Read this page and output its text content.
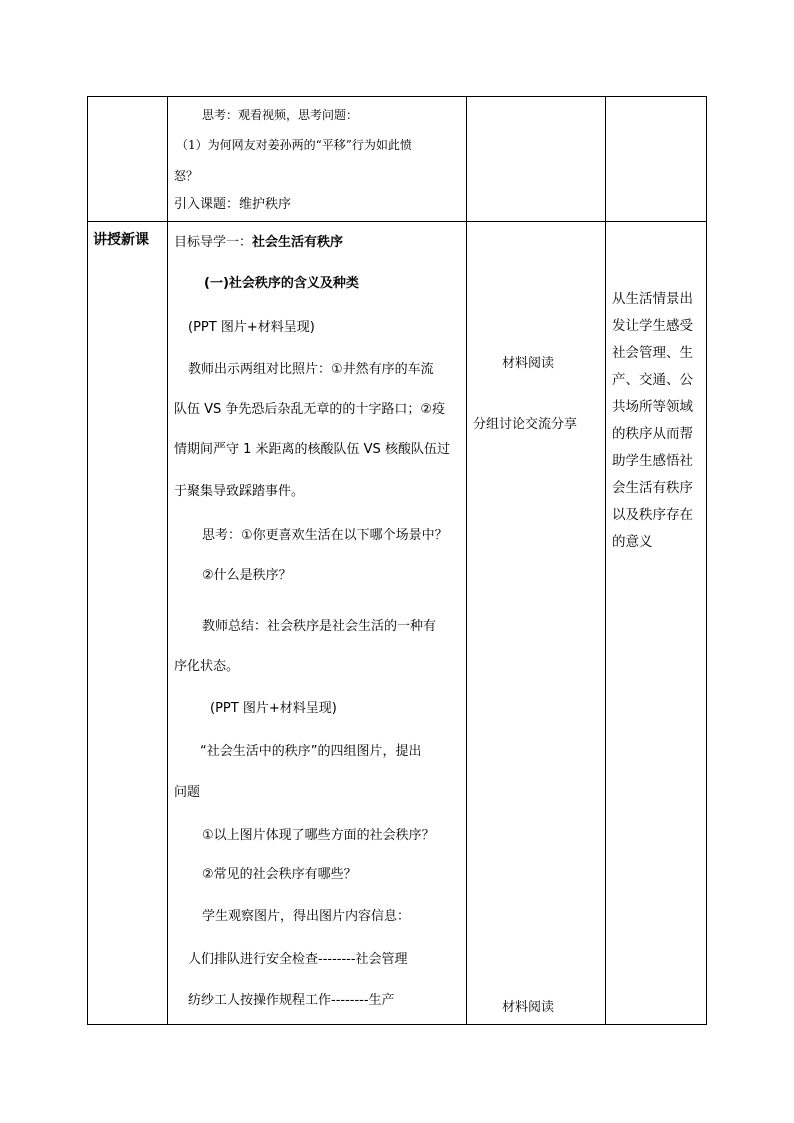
思考：观看视频，思考问题：
（1）为何网友对姜孙两的“平移”行为如此愤
怒？
引入课题：维护秩序
讲授新课 目标导学一：社会生活有秩序
(一)社会秩序的含义及种类
(PPT 图片+材料呈现)
教师出示两组对比照片：①井然有序的车流
队伍 VS 争先恐后杂乱无章的的十字路口；②疫
情期间严守 1 米距离的核酸队伍 VS 核酸队伍过
于聚集导致踩踏事件。
思考：①你更喜欢生活在以下哪个场景中？
②什么是秩序？
教师总结：社会秩序是社会生活的一种有
序化状态。
(PPT 图片+材料呈现)
“社会生活中的秩序”的四组图片，提出
问题
①以上图片体现了哪些方面的社会秩序？
②常见的社会秩序有哪些？
学生观察图片，得出图片内容信息：
人们排队进行安全检查--------社会管理
纺纱工人按操作规程工作--------生产
材料阅读
分组讨论交流分享
材料阅读
从生活情景出
发让学生感受
社会管理、生
产、交通、公
共场所等领域
的秩序从而帮
助学生感悟社
会生活有秩序
以及秩序存在
的意义
